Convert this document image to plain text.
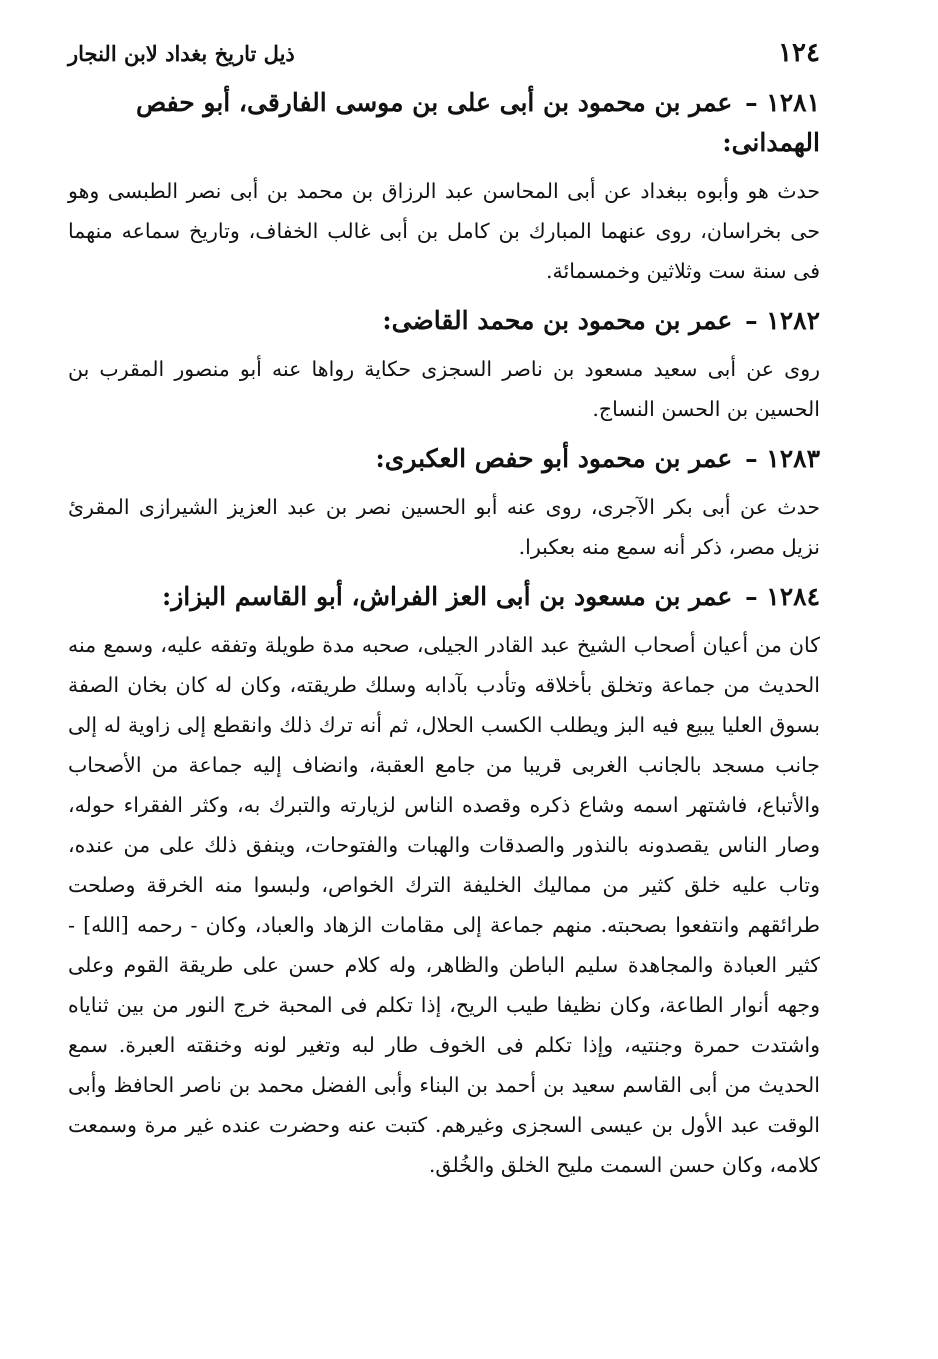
١٢٤
ذيل تاريخ بغداد لابن النجار
١٢٨١ – عمر بن محمود بن أبى على بن موسى الفارقى، أبو حفص الهمدانى:

حدث هو وأبوه ببغداد عن أبى المحاسن عبد الرزاق بن محمد بن أبى نصر الطبسى وهو حى بخراسان، روى عنهما المبارك بن كامل بن أبى غالب الخفاف، وتاريخ سماعه منهما فى سنة ست وثلاثين وخمسمائة.

١٢٨٢ – عمر بن محمود بن محمد القاضى:

روى عن أبى سعيد مسعود بن ناصر السجزى حكاية رواها عنه أبو منصور المقرب بن الحسين بن الحسن النساج.

١٢٨٣ – عمر بن محمود أبو حفص العكبرى:

حدث عن أبى بكر الآجرى، روى عنه أبو الحسين نصر بن عبد العزيز الشيرازى المقرئ نزيل مصر، ذكر أنه سمع منه بعكبرا.

١٢٨٤ – عمر بن مسعود بن أبى العز الفراش، أبو القاسم البزاز:

كان من أعيان أصحاب الشيخ عبد القادر الجيلى، صحبه مدة طويلة وتفقه عليه، وسمع منه الحديث من جماعة وتخلق بأخلاقه وتأدب بآدابه وسلك طريقته، وكان له كان بخان الصفة بسوق العليا يبيع فيه البز ويطلب الكسب الحلال، ثم أنه ترك ذلك وانقطع إلى زاوية له إلى جانب مسجد بالجانب الغربى قريبا من جامع العقبة، وانضاف إليه جماعة من الأصحاب والأتباع، فاشتهر اسمه وشاع ذكره وقصده الناس لزيارته والتبرك به، وكثر الفقراء حوله، وصار الناس يقصدونه بالنذور والصدقات والهبات والفتوحات، وينفق ذلك على من عنده، وتاب عليه خلق كثير من مماليك الخليفة الترك الخواص، ولبسوا منه الخرقة وصلحت طرائقهم وانتفعوا بصحبته. منهم جماعة إلى مقامات الزهاد والعباد، وكان - رحمه [الله] - كثير العبادة والمجاهدة سليم الباطن والظاهر، وله كلام حسن على طريقة القوم وعلى وجهه أنوار الطاعة، وكان نظيفا طيب الريح، إذا تكلم فى المحبة خرج النور من بين ثناياه واشتدت حمرة وجنتيه، وإذا تكلم فى الخوف طار لبه وتغير لونه وخنقته العبرة. سمع الحديث من أبى القاسم سعيد بن أحمد بن البناء وأبى الفضل محمد بن ناصر الحافظ وأبى الوقت عبد الأول بن عيسى السجزى وغيرهم. كتبت عنه وحضرت عنده غير مرة وسمعت كلامه، وكان حسن السمت مليح الخلق والخُلق.
